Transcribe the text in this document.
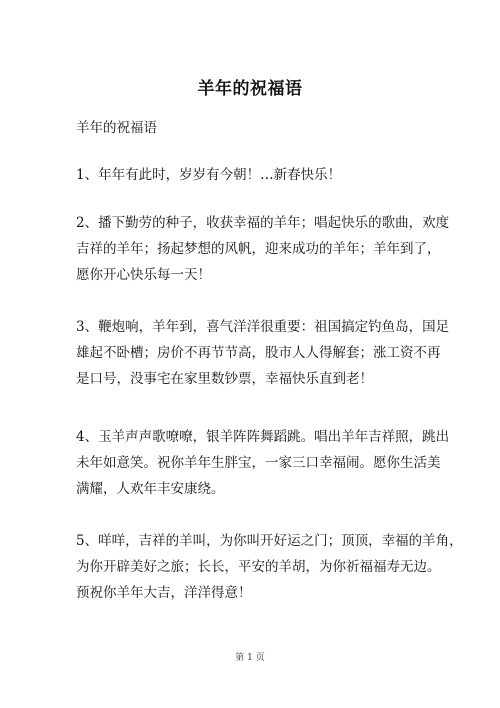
羊年的祝福语
羊年的祝福语
1、年年有此时，岁岁有今朝！…新春快乐！
2、播下勤劳的种子，收获幸福的羊年；唱起快乐的歌曲，欢度
吉祥的羊年；扬起梦想的风帆，迎来成功的羊年；羊年到了，
愿你开心快乐每一天！
3、鞭炮响，羊年到，喜气洋洋很重要：祖国搞定钓鱼岛，国足
雄起不卧槽；房价不再节节高，股市人人得解套；涨工资不再
是口号，没事宅在家里数钞票，幸福快乐直到老！
4、玉羊声声歌嘹嘹，银羊阵阵舞蹈跳。唱出羊年吉祥照，跳出
未年如意笑。祝你羊年生胖宝，一家三口幸福闹。愿你生活美
满耀，人欢年丰安康绕。
5、咩咩，吉祥的羊叫，为你叫开好运之门；顶顶，幸福的羊角，
为你开辟美好之旅；长长，平安的羊胡，为你祈福福寿无边。
预祝你羊年大吉，洋洋得意！
第 1 页
